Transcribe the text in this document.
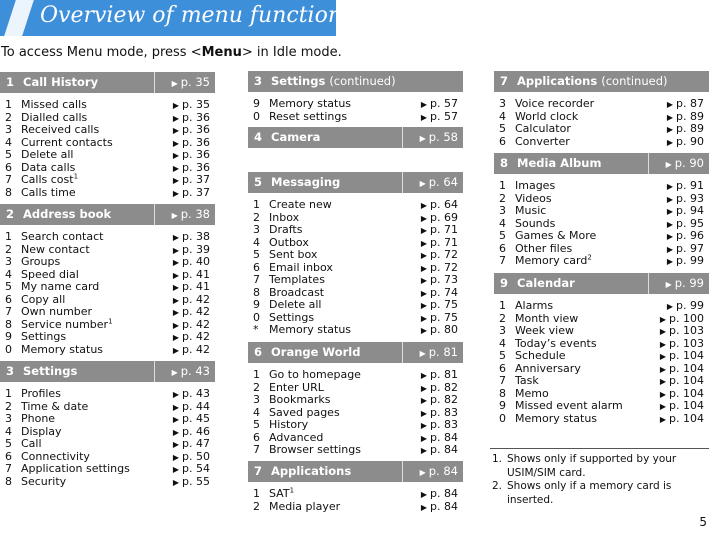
Overview of menu functions
To access Menu mode, press <Menu> in Idle mode.
1 Call History	▶ p. 35
1 Missed calls	▶ p. 35
2 Dialled calls	▶ p. 36
3 Received calls	▶ p. 36
4 Current contacts	▶ p. 36
5 Delete all	▶ p. 36
6 Data calls	▶ p. 36
7 Calls cost$^1$	▶ p. 37
8 Calls time	▶ p. 37
2 Address book	▶ p. 38
1 Search contact	▶ p. 38
2 New contact	▶ p. 39
3 Groups	▶ p. 40
4 Speed dial	▶ p. 41
5 My name card	▶ p. 41
6 Copy all	▶ p. 42
7 Own number	▶ p. 42
8 Service number$^1$	▶ p. 42
9 Settings	▶ p. 42
0 Memory status	▶ p. 42
3 Settings	▶ p. 43
1 Profiles	▶ p. 43
2 Time & date	▶ p. 44
3 Phone	▶ p. 45
4 Display	▶ p. 46
5 Call	▶ p. 47
6 Connectivity	▶ p. 50
7 Application settings	▶ p. 54
8 Security	▶ p. 55
3 Settings (continued)
9 Memory status	▶ p. 57
0 Reset settings	▶ p. 57
4 Camera	▶ p. 58
5 Messaging	▶ p. 64
1 Create new	▶ p. 64
2 Inbox	▶ p. 69
3 Drafts	▶ p. 71
4 Outbox	▶ p. 71
5 Sent box	▶ p. 72
6 Email inbox	▶ p. 72
7 Templates	▶ p. 73
8 Broadcast	▶ p. 74
9 Delete all	▶ p. 75
0 Settings	▶ p. 75
* Memory status	▶ p. 80
6 Orange World	▶ p. 81
1 Go to homepage	▶ p. 81
2 Enter URL	▶ p. 82
3 Bookmarks	▶ p. 82
4 Saved pages	▶ p. 83
5 History	▶ p. 83
6 Advanced	▶ p. 84
7 Browser settings	▶ p. 84
7 Applications	▶ p. 84
1 SAT$^1$	▶ p. 84
2 Media player	▶ p. 84
7 Applications (continued)
3 Voice recorder	▶ p. 87
4 World clock	▶ p. 89
5 Calculator	▶ p. 89
6 Converter	▶ p. 90
8 Media Album	▶ p. 90
1 Images	▶ p. 91
2 Videos	▶ p. 93
3 Music	▶ p. 94
4 Sounds	▶ p. 95
5 Games & More	▶ p. 96
6 Other files	▶ p. 97
7 Memory card$^2$	▶ p. 99
9 Calendar	▶ p. 99
1 Alarms	▶ p. 99
2 Month view	▶ p. 100
3 Week view	▶ p. 103
4 Today’s events	▶ p. 103
5 Schedule	▶ p. 104
6 Anniversary	▶ p. 104
7 Task	▶ p. 104
8 Memo	▶ p. 104
9 Missed event alarm	▶ p. 104
0 Memory status	▶ p. 104
1. Shows only if supported by your USIM/SIM card.
2. Shows only if a memory card is inserted.
5
